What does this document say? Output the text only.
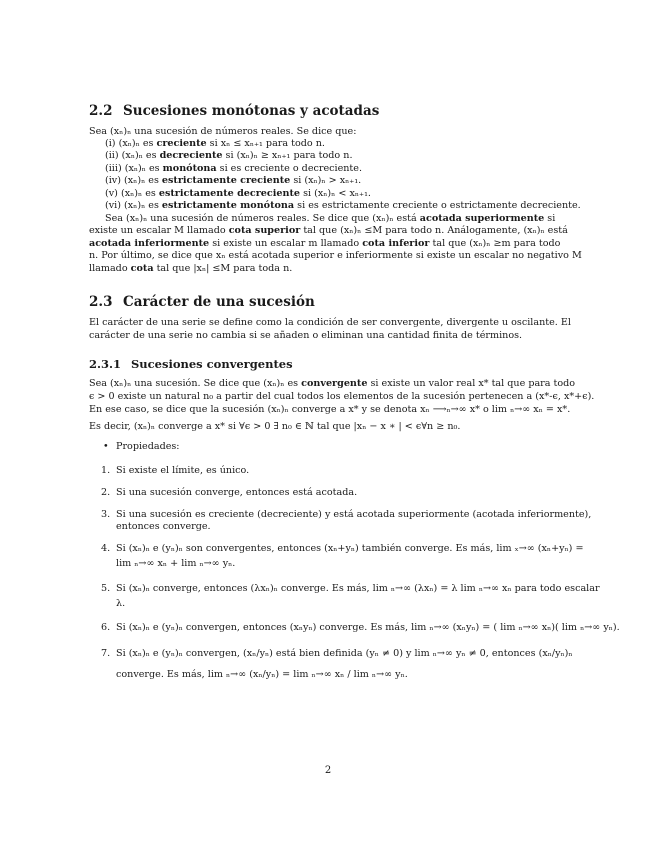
2.2 Sucesiones monótonas y acotadas
Sea (xₙ)ₙ una sucesión de números reales. Se dice que:
(i) (xₙ)ₙ es creciente si xₙ ≤ xₙ₊₁ para todo n.
(ii) (xₙ)ₙ es decreciente si (xₙ)ₙ ≥ xₙ₊₁ para todo n.
(iii) (xₙ)ₙ es monótona si es creciente o decreciente.
(iv) (xₙ)ₙ es estrictamente creciente si (xₙ)ₙ > xₙ₊₁.
(v) (xₙ)ₙ es estrictamente decreciente si (xₙ)ₙ < xₙ₊₁.
(vi) (xₙ)ₙ es estrictamente monótona si es estrictamente creciente o estrictamente decreciente.
Sea (xₙ)ₙ una sucesión de números reales. Se dice que (xₙ)ₙ está acotada superiormente si
existe un escalar M llamado cota superior tal que (xₙ)ₙ ≤M para todo n. Análogamente, (xₙ)ₙ está
acotada inferiormente si existe un escalar m llamado cota inferior tal que (xₙ)ₙ ≥m para todo
n. Por último, se dice que xₙ está acotada superior e inferiormente si existe un escalar no negativo M
llamado cota tal que |xₙ| ≤M para toda n.
2.3 Carácter de una sucesión
El carácter de una serie se define como la condición de ser convergente, divergente u oscilante. El
carácter de una serie no cambia si se añaden o eliminan una cantidad finita de términos.
2.3.1 Sucesiones convergentes
Sea (xₙ)ₙ una sucesión. Se dice que (xₙ)ₙ es convergente si existe un valor real x* tal que para todo
ϵ > 0 existe un natural n₀ a partir del cual todos los elementos de la sucesión pertenecen a (x*-ϵ, x*+ϵ).
En ese caso, se dice que la sucesión (xₙ)ₙ converge a x* y se denota xₙ ⟶ₙ→∞ x* o lim ₙ→∞ xₙ = x*.
Es decir, (xₙ)ₙ converge a x* si ∀ϵ > 0 ∃ n₀ ∈ ℕ tal que |xₙ − x ∗ | < ϵ∀n ≥ n₀.
• Propiedades:
1. Si existe el límite, es único.
2. Si una sucesión converge, entonces está acotada.
3. Si una sucesión es creciente (decreciente) y está acotada superiormente (acotada inferiormente),
entonces converge.
4. Si (xₙ)ₙ e (yₙ)ₙ son convergentes, entonces (xₙ+yₙ) también converge. Es más, lim ₓ→∞ (xₙ+yₙ) =
lim ₙ→∞ xₙ + lim ₙ→∞ yₙ.
5. Si (xₙ)ₙ converge, entonces (λxₙ)ₙ converge. Es más, lim ₙ→∞ (λxₙ) = λ lim ₙ→∞ xₙ para todo escalar
λ.
6. Si (xₙ)ₙ e (yₙ)ₙ convergen, entonces (xₙyₙ) converge. Es más, lim ₙ→∞ (xₙyₙ) = ( lim ₙ→∞ xₙ)( lim ₙ→∞ yₙ).
7. Si (xₙ)ₙ e (yₙ)ₙ convergen, (xₙ/yₙ) está bien definida (yₙ ≠ 0) y lim ₙ→∞ yₙ ≠ 0, entonces (xₙ/yₙ)ₙ
converge. Es más, lim ₙ→∞ (xₙ/yₙ) = lim ₙ→∞ xₙ / lim ₙ→∞ yₙ.
2
